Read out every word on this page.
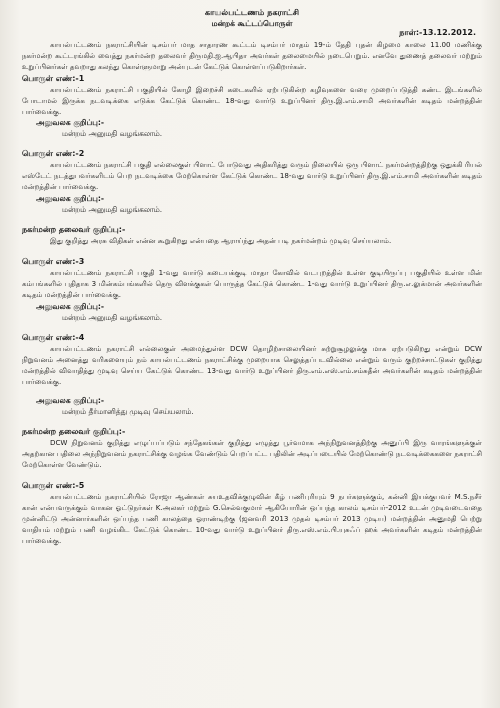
காயல்பட்டணம் நகராட்சி
மன்றக் கூட்டப்பொருள்
நாள்:-13.12.2012.

காயல்பட்டணம் நகராட்சியின் டிசம்பர் மாத சாதாரண கூட்டம் டிசம்பர் மாதம் 19-ம் தேதி புதன் கிழமை காலை 11.00 மணிக்கு நகர்மன்ற கூட்டரங்கில் வைத்து நகர்மன்ற தலைவர் திருமதி.ஐ.ஆபிதா அவர்கள் தலைமையில் நடைபெறும். எனவே துணைத் தலைவர் மற்றும் உறுப்பினர்கள் தவறாது கலந்து கொள்ளுமாறு அன்புடன் கேட்டுக் கொள்ளப்படுகிறார்கள்.

பொருள் எண்:-1

காயல்பட்டணம் நகராட்சி பகுதியில் கோழி இறைச்சி கடைகளில் ஏற்படுகின்ற கழிவுகளை வரை முறைப்படுத்தி கண்ட இடங்களில் போடாமல் இருக்க நடவடிக்கை எடுக்க கேட்டுக் கொண்ட 18-வது வார்டு உறுப்பினர் திரு.இ.எம்.சாமி அவர்களின் கடிதம் மன்றத்தின் பார்வைக்கு.

அலுவலக குறிப்பு:-

மன்றம் அனுமதி வழங்கலாம்.

பொருள் எண்:-2

காயல்பட்டணம் நகராட்சி பகுதி எல்லைகுள் பிளாட் போடுவது அதிகரித்து வரும் நிலையில் ஒரு பிளாட் நகர்மன்றத்திற்கு ஒதுக்கி ரியல் எஸ்டேட் நடத்துபவர்களிடம் பெற நடவடிக்கை மேற்கொள்ள கேட்டுக் கொண்ட 18-வது வார்டு உறுப்பினர் திரு.இ.எம்.சாமி அவர்களின் கடிதம் மன்றத்தின் பார்வைக்கு.

அலுவலக குறிப்பு:-

மன்றம் அனுமதி வழங்கலாம்.

நகர்மன்ற தலைவர் குறிப்பு:-

இது குறித்து அரசு விதிகள் என்ன கூறுகிறது என்பதை ஆராய்ந்து அதன் படி நகர்மன்றம் முடிவு செய்யலாம்.

பொருள் எண்:-3

காயல்பட்டணம் நகராட்சி பகுதி 1-வது வார்டு கடையக்குடி மாதா கோவில் வடபுறத்தில் உள்ள குடியிருப்பு பகுதியில் உள்ள மின் கம்பங்களில் புதிதாக 3 மின்கம்பங்களில் தெரு விளக்குகள் பொருத்த கேட்டுக் கொண்ட 1-வது வார்டு உறுப்பினர் திரு.எ.லுக்மான் அவர்களின் கடிதம் மன்றத்தின் பார்வைக்கு.

அலுவலக குறிப்பு:-

மன்றம் அனுமதி வழங்கலாம்.

பொருள் எண்:-4

காயல்பட்டணம் நகராட்சி எல்லைகுள் அமைந்துள்ள DCW தொழிற்சாலையினர் சுற்றுசூழலுக்கு மாசு ஏற்படுகிறது என்றும் DCW நிறுவனம் அனைத்து வரிகளையும் நம் காயல்பட்டணம் நகராட்சிக்கு முறையாக செலுத்தப்படவில்லை என்றும் வரும் குற்றச்சாட்டுகள் குறித்து மன்றத்தில் விவாதித்து முடிவு செய்ய கேட்டுக் கொண்ட 13-வது வார்டு உறுப்பினர் திரு.எம்.எஸ்.எம்.சம்சுதீன் அவர்களின் கடிதம் மன்றத்தின் பார்வைக்கு.

அலுவலக குறிப்பு:-

மன்றம் தீர்மானித்து முடிவு செய்யலாம்.

நகர்மன்ற தலைவர் குறிப்பு:-

DCW நிறுவனம் குறித்து எழுப்பப்படும் சந்தேகங்கள் குறித்து எழுத்து பூர்வமாக அந்நிறுவனத்திற்கு அனுப்பி இரு வாரங்களுக்குள் அதற்கான பதிலை அந்நிறுவனம் நகராட்சிக்கு வழங்க வேண்டும் பெறப்பட்ட பதிலின் அடிப்படையில் மேற்கொண்டு நடவடிக்கைகளை நகராட்சி மேற்கொள்ள வேண்டும்.

பொருள் எண்:-5

காயல்பட்டணம் நகராட்சியில் ரோஜா ஆண்கள் சுயஉதவிக்குழுவின் கீழ் பணிபுரியும் 9 நபர்களுக்கும், கன்னி இயக்குபவர் M.S.நசீர் கான் என்பவருக்கும் வாகன ஓட்டுநர்கள் K.அலகர் மற்றும் G.செல்வகுமார் ஆகியோரின் ஒப்பந்த காலம் டிசம்பர்-2012 உடன் முடிவடைவதை முன்னிட்டு அன்னார்களின் ஒப்பந்த பணி காலத்தை ஓராண்டிற்கு (ஜனவரி 2013 முதல் டிசம்பர் 2013 முடிய) மன்றத்தின் அனுமதி பெற்று வாதியம் மற்றும் பணி வழங்கிட கேட்டுக் கொண்ட 10-வது வார்டு உறுப்பினர் திரு.எஸ்.எம்.பி.யுசுஃப் ஹக் அவர்களின் கடிதம் மன்றத்தின் பார்வைக்கு.
